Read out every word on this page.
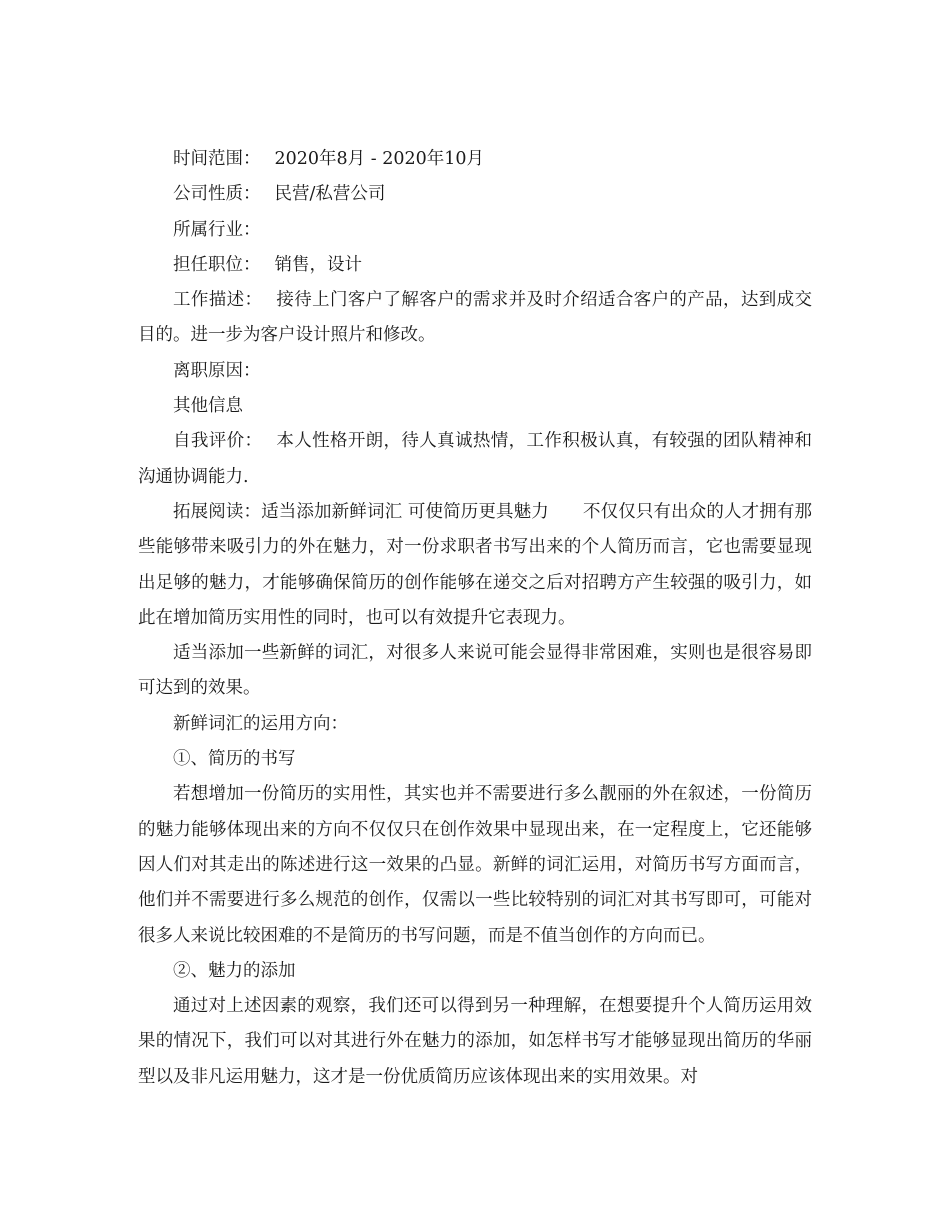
时间范围： 2020年8月 - 2020年10月

公司性质： 民营/私营公司

所属行业：

担任职位： 销售，设计

工作描述： 接待上门客户了解客户的需求并及时介绍适合客户的产品，达到成交目的。进一步为客户设计照片和修改。

离职原因：

其他信息

自我评价： 本人性格开朗，待人真诚热情，工作积极认真，有较强的团队精神和沟通协调能力.

拓展阅读：适当添加新鲜词汇 可使简历更具魅力 不仅仅只有出众的人才拥有那些能够带来吸引力的外在魅力，对一份求职者书写出来的个人简历而言，它也需要显现出足够的魅力，才能够确保简历的创作能够在递交之后对招聘方产生较强的吸引力，如此在增加简历实用性的同时，也可以有效提升它表现力。

适当添加一些新鲜的词汇，对很多人来说可能会显得非常困难，实则也是很容易即可达到的效果。

新鲜词汇的运用方向：

①、简历的书写

若想增加一份简历的实用性，其实也并不需要进行多么靓丽的外在叙述，一份简历的魅力能够体现出来的方向不仅仅只在创作效果中显现出来，在一定程度上，它还能够因人们对其走出的陈述进行这一效果的凸显。新鲜的词汇运用，对简历书写方面而言，他们并不需要进行多么规范的创作，仅需以一些比较特别的词汇对其书写即可，可能对很多人来说比较困难的不是简历的书写问题，而是不值当创作的方向而已。

②、魅力的添加

通过对上述因素的观察，我们还可以得到另一种理解，在想要提升个人简历运用效果的情况下，我们可以对其进行外在魅力的添加，如怎样书写才能够显现出简历的华丽型以及非凡运用魅力，这才是一份优质简历应该体现出来的实用效果。对
